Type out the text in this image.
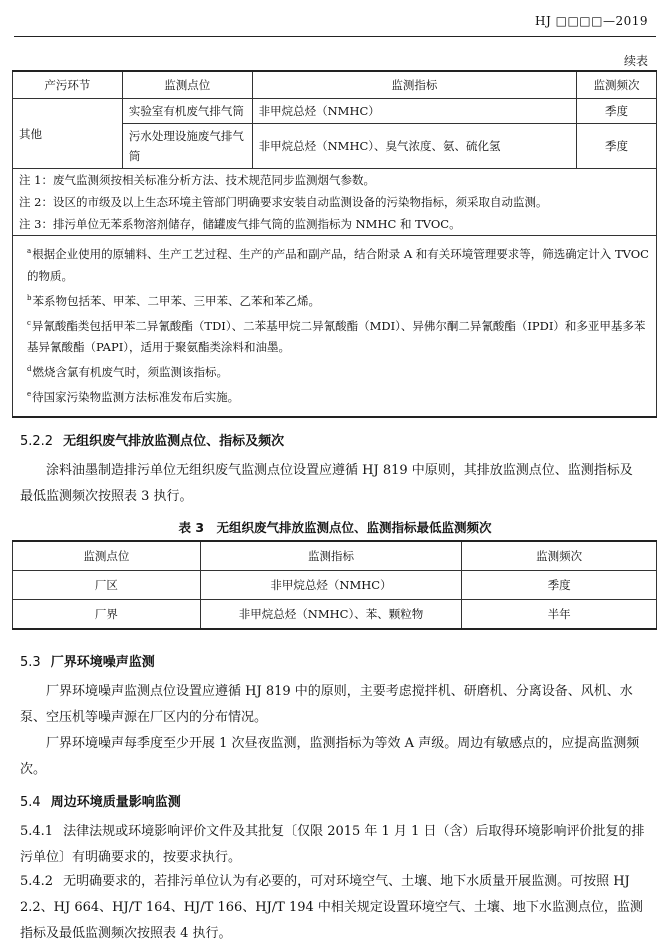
HJ □□□□—2019
续表
产污环节	监测点位	监测指标	监测频次
其他	实验室有机废气排气筒	非甲烷总烃（NMHC）	季度
	污水处理设施废气排气筒	非甲烷总烃（NMHC）、臭气浓度、氨、硫化氢	季度

注 1：废气监测须按相关标准分析方法、技术规范同步监测烟气参数。
注 2：设区的市级及以上生态环境主管部门明确要求安装自动监测设备的污染物指标，须采取自动监测。
注 3：排污单位无苯系物溶剂储存，储罐废气排气筒的监测指标为 NMHC 和 TVOC。			

$^a$根据企业使用的原辅料、生产工艺过程、生产的产品和副产品，结合附录 A 和有关环境管理要求等，筛选确定计入 TVOC 的物质。

$^b$苯系物包括苯、甲苯、二甲苯、三甲苯、乙苯和苯乙烯。

$^c$异氰酸酯类包括甲苯二异氰酸酯（TDI）、二苯基甲烷二异氰酸酯（MDI）、异佛尔酮二异氰酸酯（IPDI）和多亚甲基多苯基异氰酸酯（PAPI），适用于聚氨酯类涂料和油墨。

$^d$燃烧含氯有机废气时，须监测该指标。

$^e$待国家污染物监测方法标准发布后实施。			

5.2.2 无组织废气排放监测点位、指标及频次
涂料油墨制造排污单位无组织废气监测点位设置应遵循 HJ 819 中原则，其排放监测点位、监测指标及最低监测频次按照表 3 执行。
表 3　无组织废气排放监测点位、监测指标最低监测频次
监测点位	监测指标	监测频次
厂区	非甲烷总烃（NMHC）	季度
厂界	非甲烷总烃（NMHC）、苯、颗粒物	半年
5.3 厂界环境噪声监测
厂界环境噪声监测点位设置应遵循 HJ 819 中的原则，主要考虑搅拌机、研磨机、分离设备、风机、水泵、空压机等噪声源在厂区内的分布情况。
厂界环境噪声每季度至少开展 1 次昼夜监测，监测指标为等效 A 声级。周边有敏感点的，应提高监测频次。
5.4 周边环境质量影响监测
5.4.1 法律法规或环境影响评价文件及其批复〔仅限 2015 年 1 月 1 日（含）后取得环境影响评价批复的排污单位〕有明确要求的，按要求执行。
5.4.2 无明确要求的，若排污单位认为有必要的，可对环境空气、土壤、地下水质量开展监测。可按照 HJ 2.2、HJ 664、HJ/T 164、HJ/T 166、HJ/T 194 中相关规定设置环境空气、土壤、地下水监测点位，监测指标及最低监测频次按照表 4 执行。
